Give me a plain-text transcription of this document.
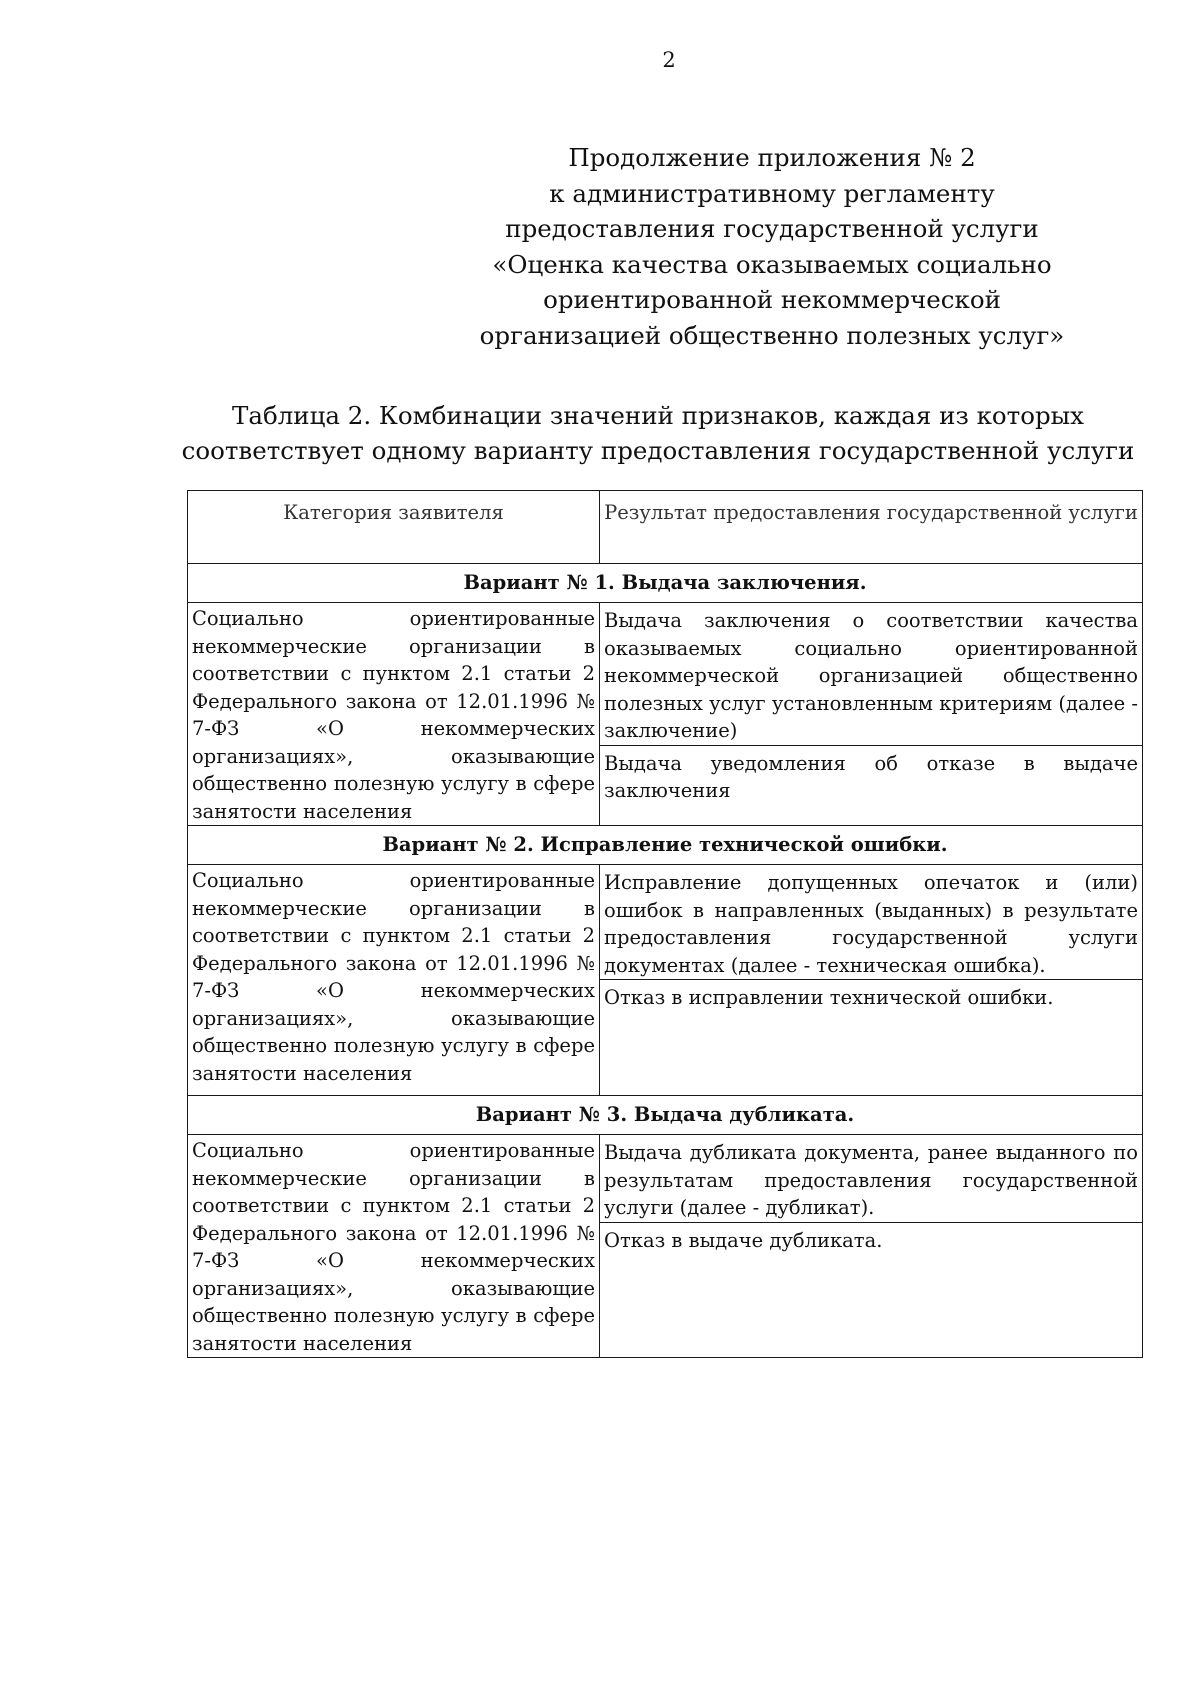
2
Продолжение приложения № 2
к административному регламенту
предоставления государственной услуги
«Оценка качества оказываемых социально
ориентированной некоммерческой
организацией общественно полезных услуг»
Таблица 2. Комбинации значений признаков, каждая из которых
соответствует одному варианту предоставления государственной услуги
Категория заявителя	Результат предоставления государственной услуги
Вариант № 1. Выдача заключения.	
Социально ориентированные некоммерческие организации в соответствии с пунктом 2.1 статьи 2 Федерального закона от 12.01.1996 № 7-ФЗ «О некоммерческих организациях», оказывающие общественно полезную услугу в сфере занятости населения	Выдача заключения о соответствии качества оказываемых социально ориентированной некоммерческой организацией общественно полезных услуг установленным критериям (далее - заключение)
	Выдача уведомления об отказе в выдаче заключения
Вариант № 2. Исправление технической ошибки.	
Социально ориентированные некоммерческие организации в соответствии с пунктом 2.1 статьи 2 Федерального закона от 12.01.1996 № 7-ФЗ «О некоммерческих организациях», оказывающие общественно полезную услугу в сфере занятости населения	Исправление допущенных опечаток и (или) ошибок в направленных (выданных) в результате предоставления государственной услуги документах (далее - техническая ошибка).
	Отказ в исправлении технической ошибки.
Вариант № 3. Выдача дубликата.	
Социально ориентированные некоммерческие организации в соответствии с пунктом 2.1 статьи 2 Федерального закона от 12.01.1996 № 7-ФЗ «О некоммерческих организациях», оказывающие общественно полезную услугу в сфере занятости населения	Выдача дубликата документа, ранее выданного по результатам предоставления государственной услуги (далее - дубликат).
	Отказ в выдаче дубликата.
